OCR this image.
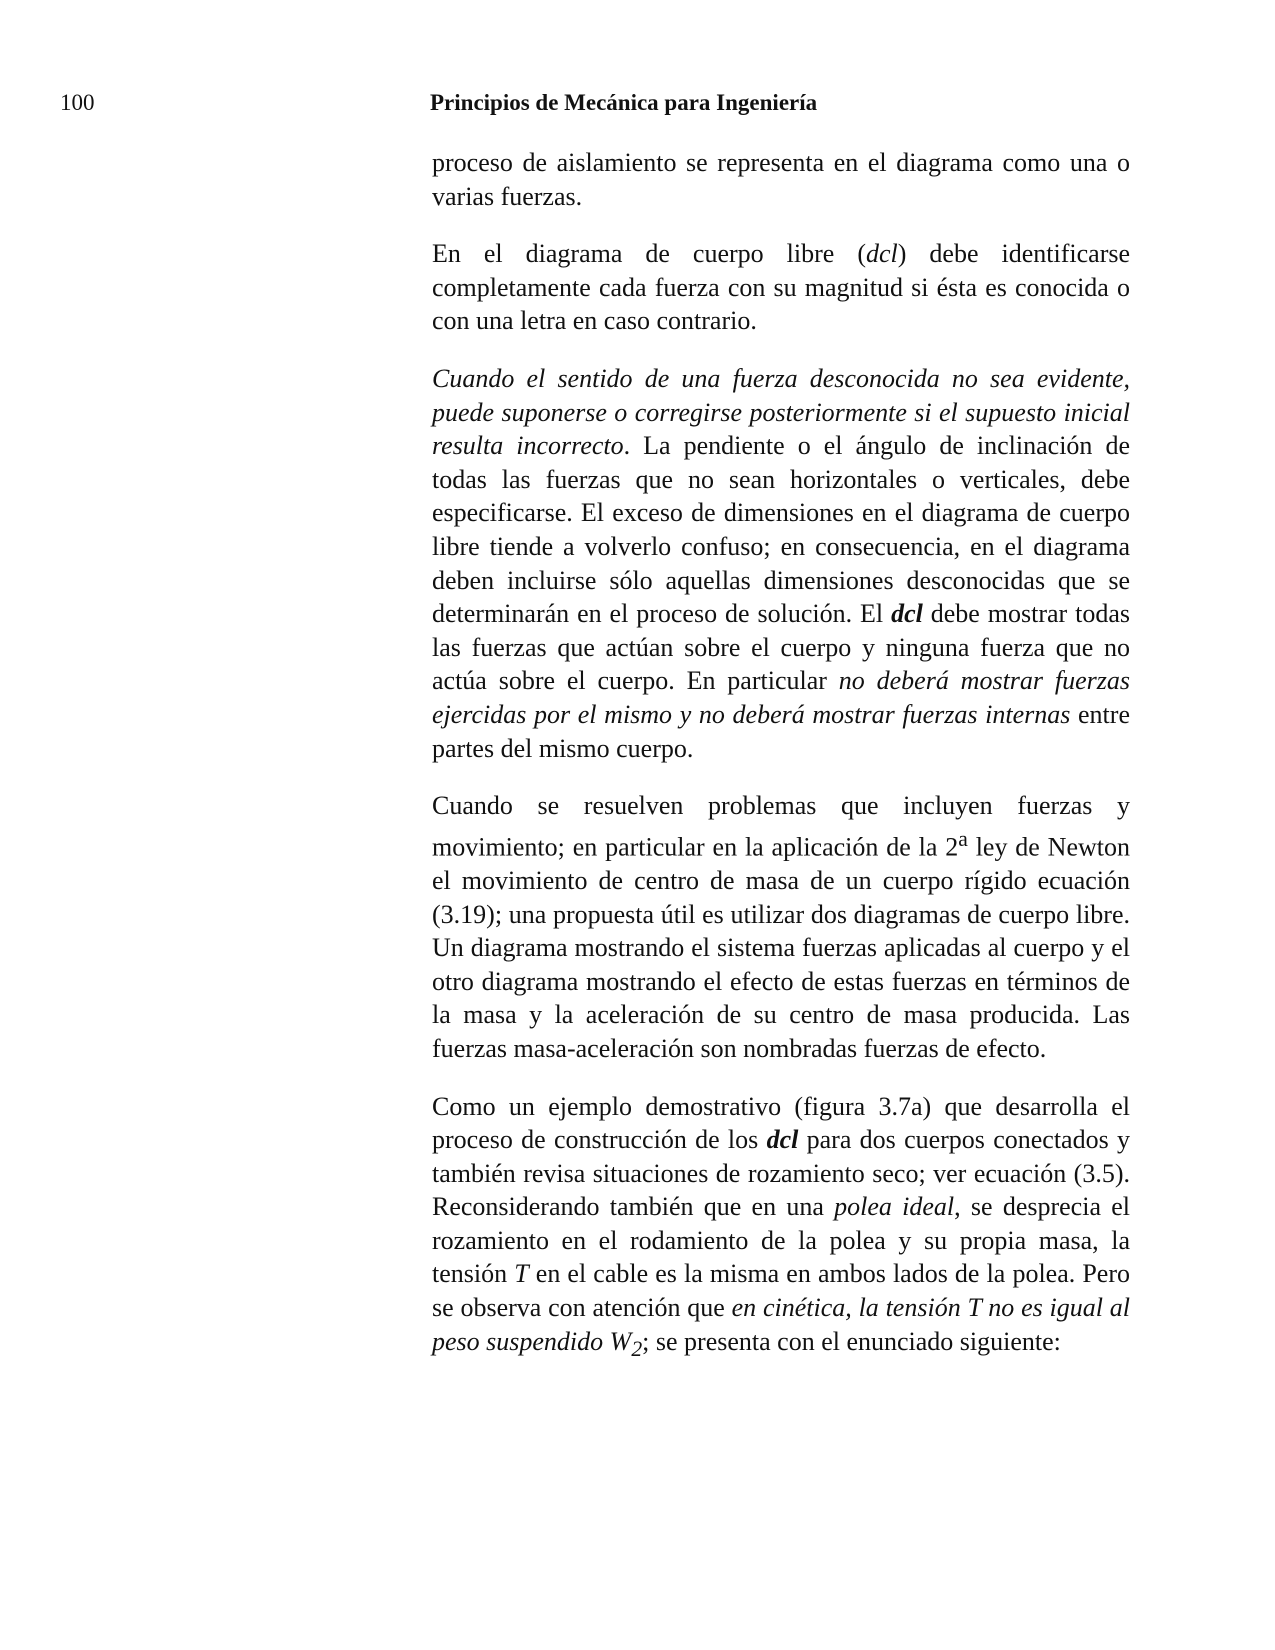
100	Principios de Mecánica para Ingeniería

proceso de aislamiento se representa en el diagrama como una o varias fuerzas.

En el diagrama de cuerpo libre (dcl) debe identificarse completamente cada fuerza con su magnitud si ésta es conocida o con una letra en caso contrario.

Cuando el sentido de una fuerza desconocida no sea evidente, puede suponerse o corregirse posteriormente si el supuesto inicial resulta incorrecto. La pendiente o el ángulo de inclinación de todas las fuerzas que no sean horizontales o verticales, debe especificarse. El exceso de dimensiones en el diagrama de cuerpo libre tiende a volverlo confuso; en consecuencia, en el diagrama deben incluirse sólo aquellas dimensiones desconocidas que se determinarán en el proceso de solución. El dcl debe mostrar todas las fuerzas que actúan sobre el cuerpo y ninguna fuerza que no actúa sobre el cuerpo. En particular no deberá mostrar fuerzas ejercidas por el mismo y no deberá mostrar fuerzas internas entre partes del mismo cuerpo.

Cuando se resuelven problemas que incluyen fuerzas y movimiento; en particular en la aplicación de la 2$^a$ ley de Newton el movimiento de centro de masa de un cuerpo rígido ecuación (3.19); una propuesta útil es utilizar dos diagramas de cuerpo libre. Un diagrama mostrando el sistema fuerzas aplicadas al cuerpo y el otro diagrama mostrando el efecto de estas fuerzas en términos de la masa y la aceleración de su centro de masa producida. Las fuerzas masa-aceleración son nombradas fuerzas de efecto.

Como un ejemplo demostrativo (figura 3.7a) que desarrolla el proceso de construcción de los dcl para dos cuerpos conectados y también revisa situaciones de rozamiento seco; ver ecuación (3.5). Reconsiderando también que en una polea ideal, se desprecia el rozamiento en el rodamiento de la polea y su propia masa, la tensión T en el cable es la misma en ambos lados de la polea. Pero se observa con atención que en cinética, la tensión T no es igual al peso suspendido $W_2$; se presenta con el enunciado siguiente:
